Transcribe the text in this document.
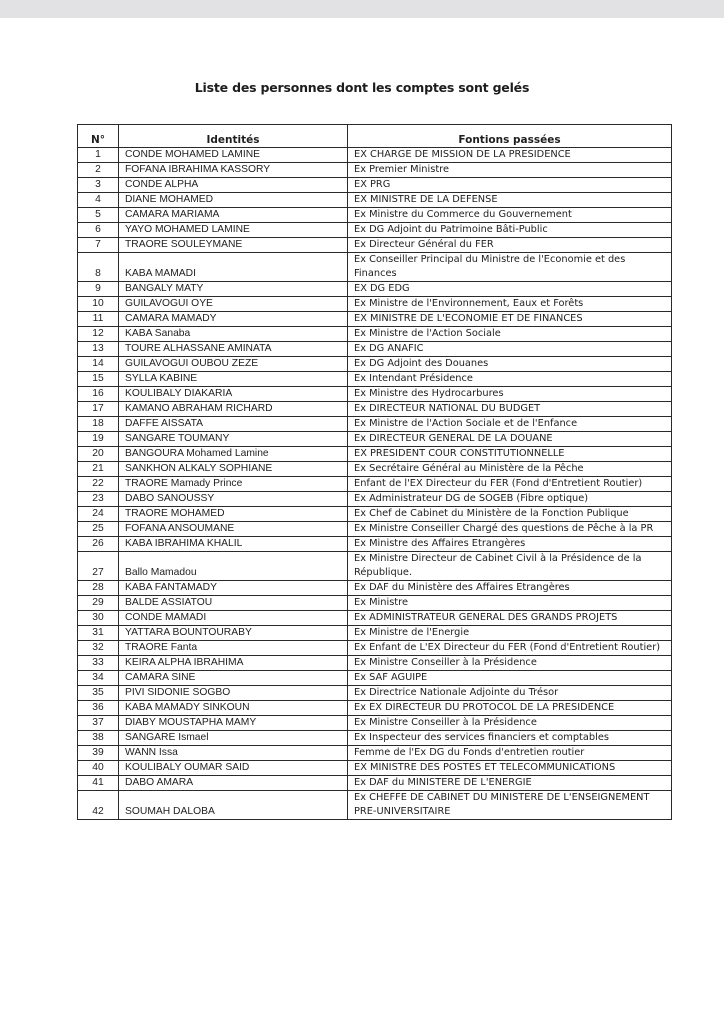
Liste des personnes dont les comptes sont gelés
N°	Identités	Fontions passées
1	CONDE MOHAMED LAMINE	EX CHARGE DE MISSION DE LA PRESIDENCE
2	FOFANA IBRAHIMA KASSORY	Ex Premier Ministre
3	CONDE ALPHA	EX PRG
4	DIANE MOHAMED	EX MINISTRE DE LA DEFENSE
5	CAMARA MARIAMA	Ex Ministre du Commerce du Gouvernement
6	YAYO MOHAMED LAMINE	Ex DG Adjoint du Patrimoine Bâti-Public
7	TRAORE SOULEYMANE	Ex Directeur Général du FER
8	KABA MAMADI	Ex Conseiller Principal du Ministre de l'Economie et des Finances
9	BANGALY MATY	EX DG EDG
10	GUILAVOGUI OYE	Ex Ministre de l'Environnement, Eaux et Forêts
11	CAMARA MAMADY	EX MINISTRE DE L'ECONOMIE ET DE FINANCES
12	KABA Sanaba	Ex Ministre de l'Action Sociale
13	TOURE ALHASSANE AMINATA	Ex DG ANAFIC
14	GUILAVOGUI OUBOU ZEZE	Ex DG Adjoint des Douanes
15	SYLLA KABINE	Ex Intendant Présidence
16	KOULIBALY DIAKARIA	Ex Ministre des Hydrocarbures
17	KAMANO ABRAHAM RICHARD	Ex DIRECTEUR NATIONAL DU BUDGET
18	DAFFE AISSATA	Ex Ministre de l'Action Sociale et de l'Enfance
19	SANGARE TOUMANY	Ex DIRECTEUR GENERAL DE LA DOUANE
20	BANGOURA Mohamed Lamine	EX PRESIDENT COUR CONSTITUTIONNELLE
21	SANKHON ALKALY SOPHIANE	Ex Secrétaire Général au Ministère de la Pêche
22	TRAORE Mamady Prince	Enfant de l'EX Directeur du FER (Fond d'Entretient Routier)
23	DABO SANOUSSY	Ex Administrateur DG de SOGEB (Fibre optique)
24	TRAORE MOHAMED	Ex Chef de Cabinet du Ministère de la Fonction Publique
25	FOFANA ANSOUMANE	Ex Ministre Conseiller Chargé des questions de Pêche à la PR
26	KABA IBRAHIMA KHALIL	Ex Ministre des Affaires Etrangères
27	Ballo Mamadou	Ex Ministre Directeur de Cabinet Civil à la Présidence de la République.
28	KABA FANTAMADY	Ex DAF du Ministère des Affaires Etrangères
29	BALDE ASSIATOU	Ex Ministre
30	CONDE MAMADI	Ex ADMINISTRATEUR GENERAL DES GRANDS PROJETS
31	YATTARA BOUNTOURABY	Ex Ministre de l'Energie
32	TRAORE Fanta	Ex Enfant de L'EX Directeur du FER (Fond d'Entretient Routier)
33	KEIRA ALPHA IBRAHIMA	Ex Ministre Conseiller à la Présidence
34	CAMARA SINE	Ex SAF AGUIPE
35	PIVI SIDONIE SOGBO	Ex Directrice Nationale Adjointe du Trésor
36	KABA MAMADY SINKOUN	Ex EX DIRECTEUR DU PROTOCOL DE LA PRESIDENCE
37	DIABY MOUSTAPHA MAMY	Ex Ministre Conseiller à la Présidence
38	SANGARE Ismael	Ex Inspecteur des services financiers et comptables
39	WANN Issa	Femme de l'Ex DG du Fonds d'entretien routier
40	KOULIBALY OUMAR SAID	EX MINISTRE DES POSTES ET TELECOMMUNICATIONS
41	DABO AMARA	Ex DAF du MINISTERE DE L'ENERGIE
42	SOUMAH DALOBA	Ex CHEFFE DE CABINET DU MINISTERE DE L'ENSEIGNEMENT PRE-UNIVERSITAIRE
